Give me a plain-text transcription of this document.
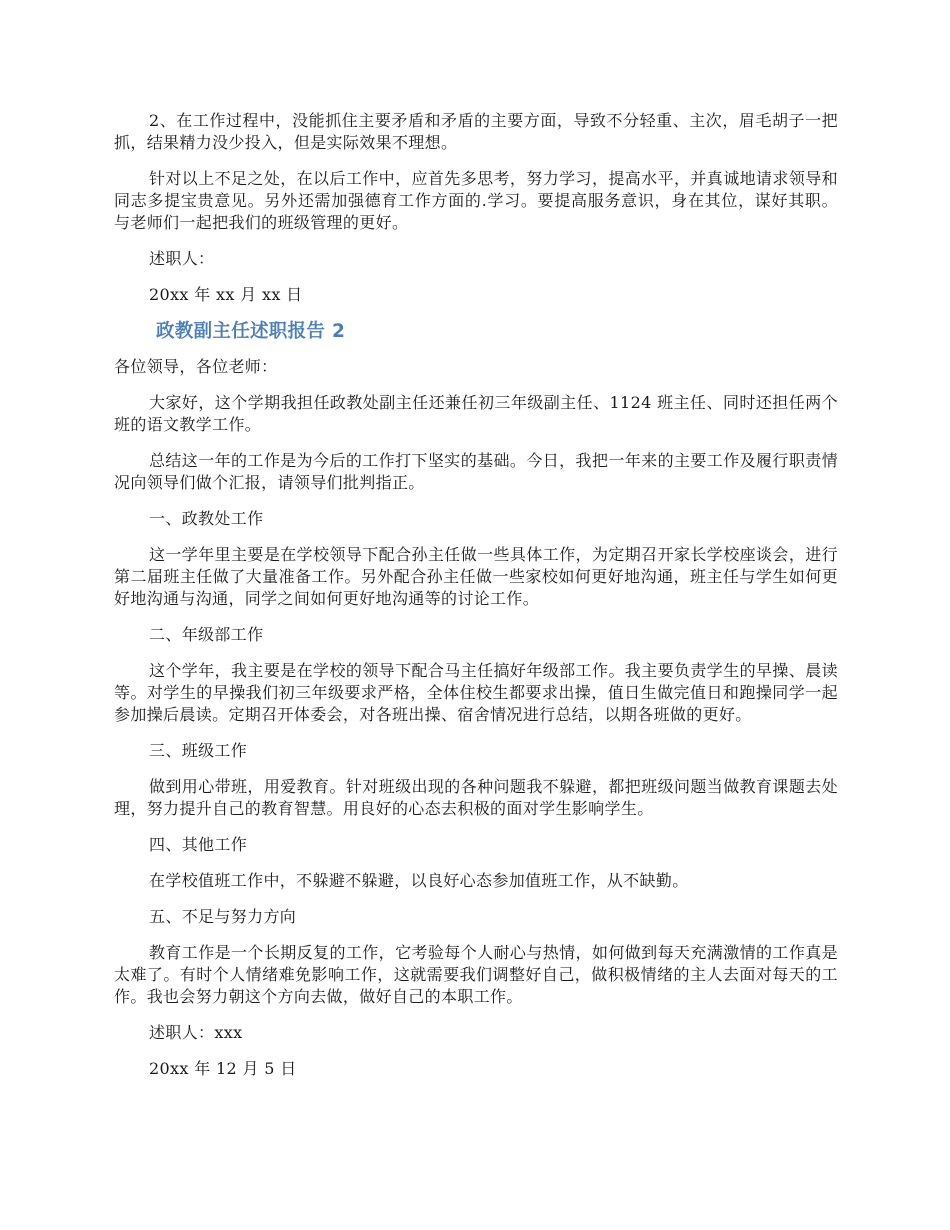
2、在工作过程中，没能抓住主要矛盾和矛盾的主要方面，导致不分轻重、主次，眉毛胡子一把抓，结果精力没少投入，但是实际效果不理想。

针对以上不足之处，在以后工作中，应首先多思考，努力学习，提高水平，并真诚地请求领导和同志多提宝贵意见。另外还需加强德育工作方面的.学习。要提高服务意识，身在其位，谋好其职。与老师们一起把我们的班级管理的更好。

述职人：

20xx 年 xx 月 xx 日

政教副主任述职报告 2

各位领导，各位老师：

大家好，这个学期我担任政教处副主任还兼任初三年级副主任、1124 班主任、同时还担任两个班的语文教学工作。

总结这一年的工作是为今后的工作打下坚实的基础。今日，我把一年来的主要工作及履行职责情况向领导们做个汇报，请领导们批判指正。

一、政教处工作

这一学年里主要是在学校领导下配合孙主任做一些具体工作，为定期召开家长学校座谈会，进行第二届班主任做了大量准备工作。另外配合孙主任做一些家校如何更好地沟通，班主任与学生如何更好地沟通与沟通，同学之间如何更好地沟通等的讨论工作。

二、年级部工作

这个学年，我主要是在学校的领导下配合马主任搞好年级部工作。我主要负责学生的早操、晨读等。对学生的早操我们初三年级要求严格，全体住校生都要求出操，值日生做完值日和跑操同学一起参加操后晨读。定期召开体委会，对各班出操、宿舍情况进行总结，以期各班做的更好。

三、班级工作

做到用心带班，用爱教育。针对班级出现的各种问题我不躲避，都把班级问题当做教育课题去处理，努力提升自己的教育智慧。用良好的心态去积极的面对学生影响学生。

四、其他工作

在学校值班工作中，不躲避不躲避，以良好心态参加值班工作，从不缺勤。

五、不足与努力方向

教育工作是一个长期反复的工作，它考验每个人耐心与热情，如何做到每天充满激情的工作真是太难了。有时个人情绪难免影响工作，这就需要我们调整好自己，做积极情绪的主人去面对每天的工作。我也会努力朝这个方向去做，做好自己的本职工作。

述职人：xxx

20xx 年 12 月 5 日
